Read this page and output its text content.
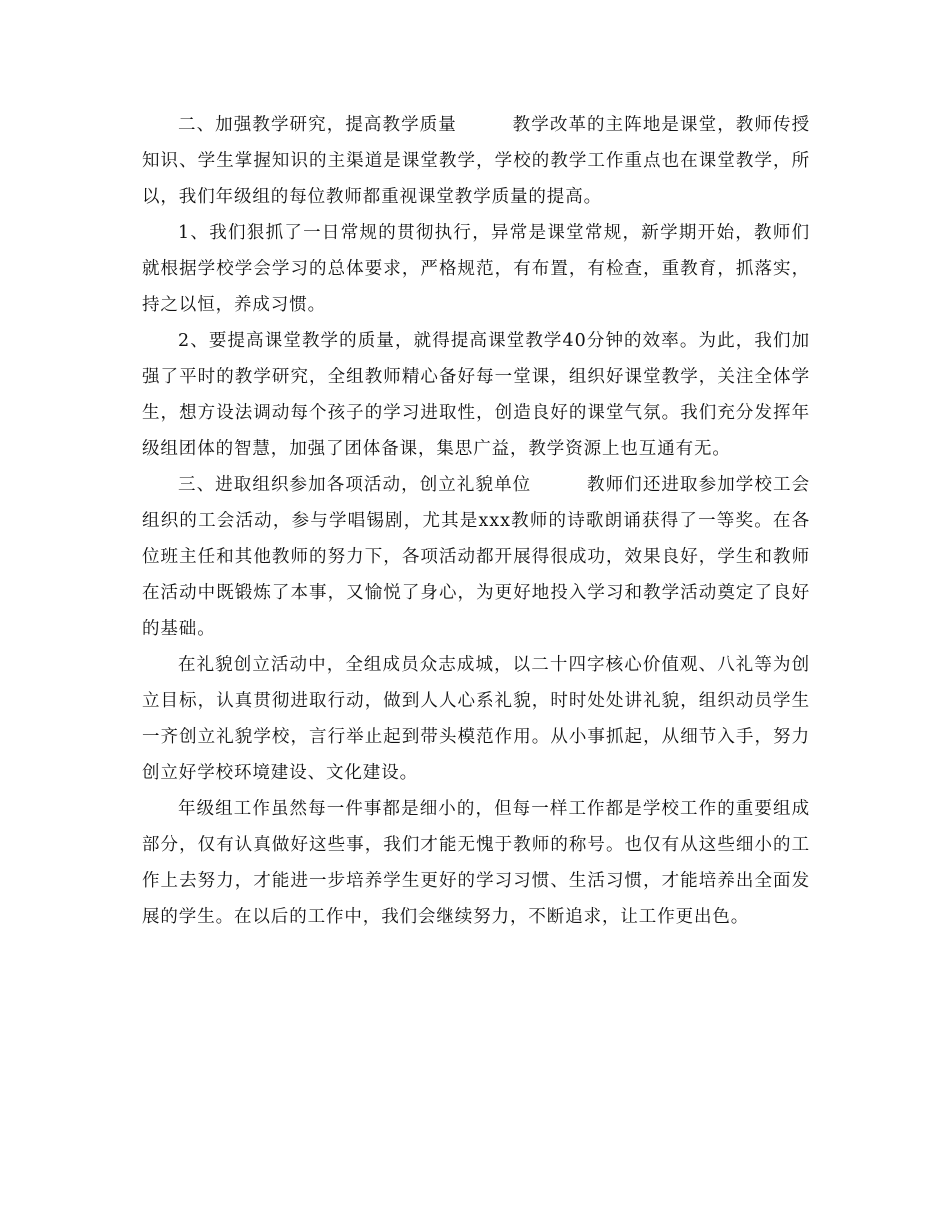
二、加强教学研究，提高教学质量　　　教学改革的主阵地是课堂，教师传授知识、学生掌握知识的主渠道是课堂教学，学校的教学工作重点也在课堂教学，所以，我们年级组的每位教师都重视课堂教学质量的提高。

1、我们狠抓了一日常规的贯彻执行，异常是课堂常规，新学期开始，教师们就根据学校学会学习的总体要求，严格规范，有布置，有检查，重教育，抓落实，持之以恒，养成习惯。

2、要提高课堂教学的质量，就得提高课堂教学40分钟的效率。为此，我们加强了平时的教学研究，全组教师精心备好每一堂课，组织好课堂教学，关注全体学生，想方设法调动每个孩子的学习进取性，创造良好的课堂气氛。我们充分发挥年级组团体的智慧，加强了团体备课，集思广益，教学资源上也互通有无。

三、进取组织参加各项活动，创立礼貌单位　　　教师们还进取参加学校工会组织的工会活动，参与学唱锡剧，尤其是xxx教师的诗歌朗诵获得了一等奖。在各位班主任和其他教师的努力下，各项活动都开展得很成功，效果良好，学生和教师在活动中既锻炼了本事，又愉悦了身心，为更好地投入学习和教学活动奠定了良好的基础。

在礼貌创立活动中，全组成员众志成城，以二十四字核心价值观、八礼等为创立目标，认真贯彻进取行动，做到人人心系礼貌，时时处处讲礼貌，组织动员学生一齐创立礼貌学校，言行举止起到带头模范作用。从小事抓起，从细节入手，努力创立好学校环境建设、文化建设。

年级组工作虽然每一件事都是细小的，但每一样工作都是学校工作的重要组成部分，仅有认真做好这些事，我们才能无愧于教师的称号。也仅有从这些细小的工作上去努力，才能进一步培养学生更好的学习习惯、生活习惯，才能培养出全面发展的学生。在以后的工作中，我们会继续努力，不断追求，让工作更出色。
